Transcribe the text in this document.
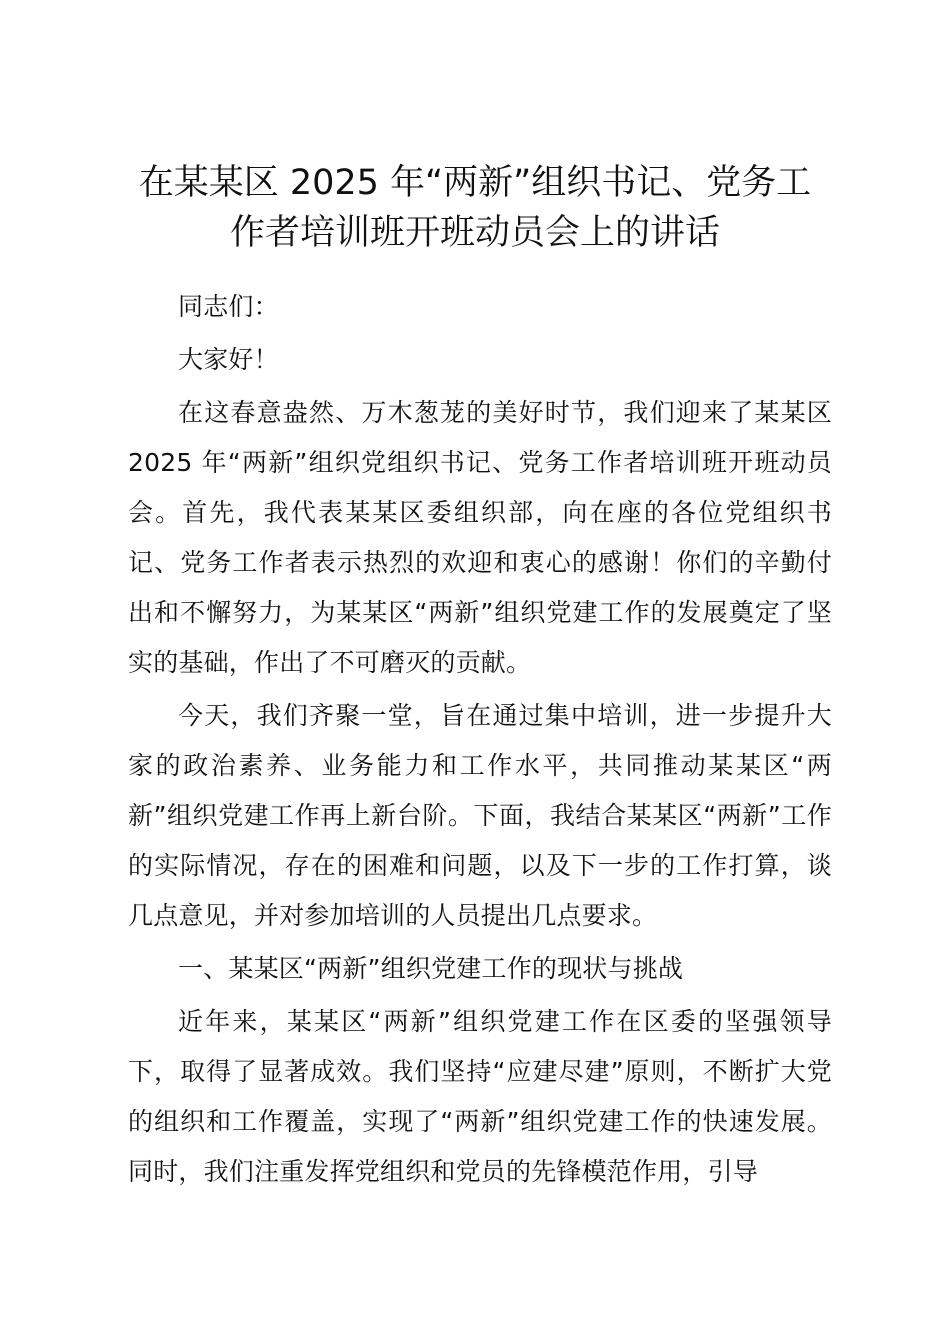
在某某区 2025 年“两新”组织书记、党务工
作者培训班开班动员会上的讲话

同志们：

大家好！

在这春意盎然、万木葱茏的美好时节，我们迎来了某某区 2025 年“两新”组织党组织书记、党务工作者培训班开班动员会。首先，我代表某某区委组织部，向在座的各位党组织书记、党务工作者表示热烈的欢迎和衷心的感谢！你们的辛勤付出和不懈努力，为某某区“两新”组织党建工作的发展奠定了坚实的基础，作出了不可磨灭的贡献。

今天，我们齐聚一堂，旨在通过集中培训，进一步提升大家的政治素养、业务能力和工作水平，共同推动某某区“两新”组织党建工作再上新台阶。下面，我结合某某区“两新”工作的实际情况，存在的困难和问题，以及下一步的工作打算，谈几点意见，并对参加培训的人员提出几点要求。

一、某某区“两新”组织党建工作的现状与挑战

近年来，某某区“两新”组织党建工作在区委的坚强领导下，取得了显著成效。我们坚持“应建尽建”原则，不断扩大党的组织和工作覆盖，实现了“两新”组织党建工作的快速发展。同时，我们注重发挥党组织和党员的先锋模范作用，引导
